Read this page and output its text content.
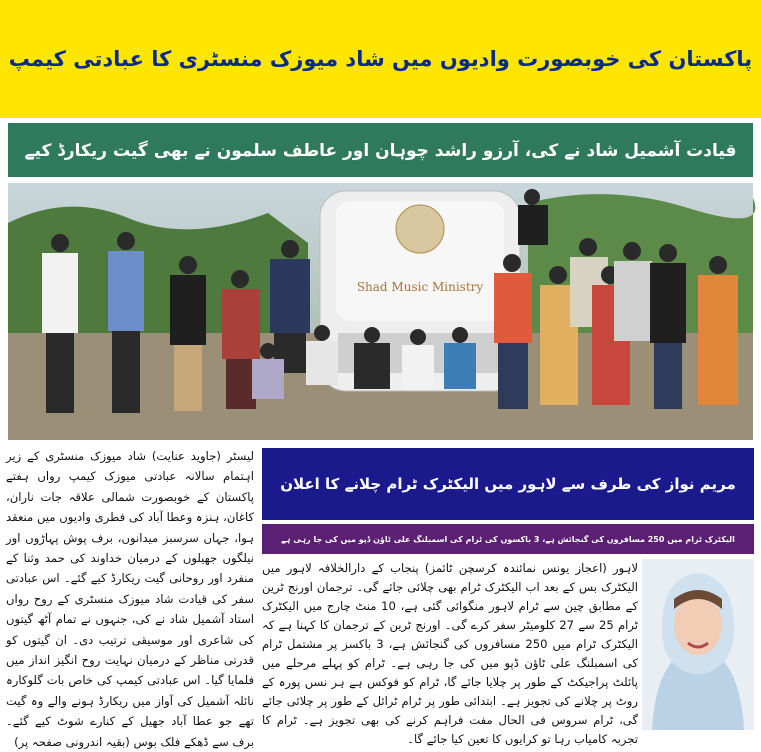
پاکستان کی خوبصورت وادیوں میں شاد میوزک منسٹری کا عبادتی کیمپ
قیادت آشمیل شاد نے کی، آرزو راشد چوہان اور عاطف سلمون نے بھی گیت ریکارڈ کیے
Shad Music Ministry
لیسٹر (جاوید عنایت) شاد میوزک منسٹری کے زیر اہتمام سالانہ عبادتی میوزک کیمپ رواں ہفتے پاکستان کے خوبصورت شمالی علاقہ جات ناران، کاغان، ہنزہ وعطا آباد کی فطری وادیوں میں منعقد ہوا، جہاں سرسبز میدانوں، برف پوش پہاڑوں اور نیلگوں جھیلوں کے درمیان خداوند کی حمد وثنا کے منفرد اور روحانی گیت ریکارڈ کیے گئے۔ اس عبادتی سفر کی قیادت شاد میوزک منسٹری کے روح رواں استاد آشمیل شاد نے کی، جنہوں نے تمام آٹھ گیتوں کی شاعری اور موسیقی ترتیب دی۔ ان گیتوں کو قدرتی مناظر کے درمیان نہایت روح انگیز انداز میں فلمایا گیا۔ اس عبادتی کیمپ کی خاص بات گلوکارہ نائلہ آشمیل کی آواز میں ریکارڈ ہونے والے وہ گیت تھے جو عطا آباد جھیل کے کنارے شوٹ کیے گئے۔ برف سے ڈھکے فلک بوس (بقیہ اندرونی صفحہ پر)
مریم نواز کی طرف سے لاہور میں الیکٹرک ٹرام چلانے کا اعلان
الیکٹرک ٹرام میں 250 مسافروں کی گنجائش ہے، 3 باکسوں کی ٹرام کی اسمبلنگ علی ٹاؤن ڈپو میں کی جا رہی ہے
لاہور (اعجاز یونس نمائندہ کرسچن ٹائمز) پنجاب کے دارالخلافہ لاہور میں الیکٹرک بس کے بعد اب الیکٹرک ٹرام بھی چلائی جائے گی۔ ترجمان اورنج ٹرین کے مطابق چین سے ٹرام لاہور منگوائی گئی ہے، 10 منٹ چارج میں الیکٹرک ٹرام 25 سے 27 کلومیٹر سفر کرے گی۔ اورنج ٹرین کے ترجمان کا کہنا ہے کہ الیکٹرک ٹرام میں 250 مسافروں کی گنجائش ہے، 3 باکسز پر مشتمل ٹرام کی اسمبلنگ علی ٹاؤن ڈپو میں کی جا رہی ہے۔ ٹرام کو پہلے مرحلے میں پائلٹ پراجیکٹ کے طور پر چلایا جائے گا، ٹرام کو فوکس ہے ہر نسں پورہ کے روٹ پر چلانے کی تجویز ہے۔ ابتدائی طور پر ٹرام ٹرائل کے طور پر چلائی جائے گی، ٹرام سروس فی الحال مفت فراہم کرنے کی بھی تجویز ہے۔ ٹرام کا تجربہ کامیاب رہا تو کرایوں کا تعین کیا جائے گا۔
